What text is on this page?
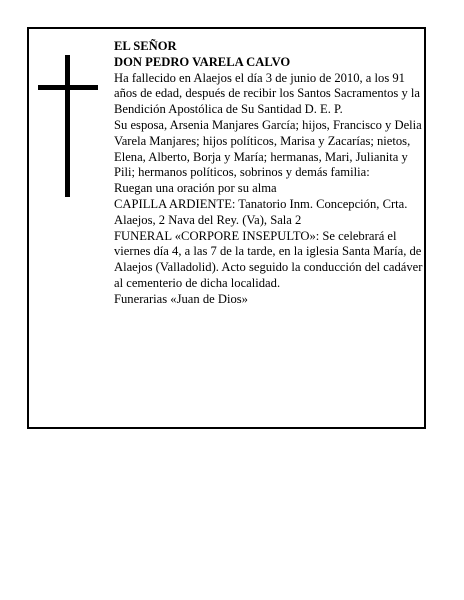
EL SEÑOR

DON PEDRO VARELA CALVO

Ha fallecido en Alaejos el día 3 de junio de 2010, a los 91 años de edad, después de recibir los Santos Sacramentos y la Bendición Apostólica de Su Santidad D. E. P.

Su esposa, Arsenia Manjares García; hijos, Francisco y Delia Varela Manjares; hijos políticos, Marisa y Zacarías; nietos, Elena, Alberto, Borja y María; hermanas, Mari, Julianita y Pili; hermanos políticos, sobrinos y demás familia:

Ruegan una oración por su alma

CAPILLA ARDIENTE: Tanatorio Inm. Concepción, Crta. Alaejos, 2 Nava del Rey. (Va), Sala 2

FUNERAL «CORPORE INSEPULTO»: Se celebrará el viernes día 4, a las 7 de la tarde, en la iglesia Santa María, de Alaejos (Valladolid). Acto seguido la conducción del cadáver al cementerio de dicha localidad.

Funerarias «Juan de Dios»
